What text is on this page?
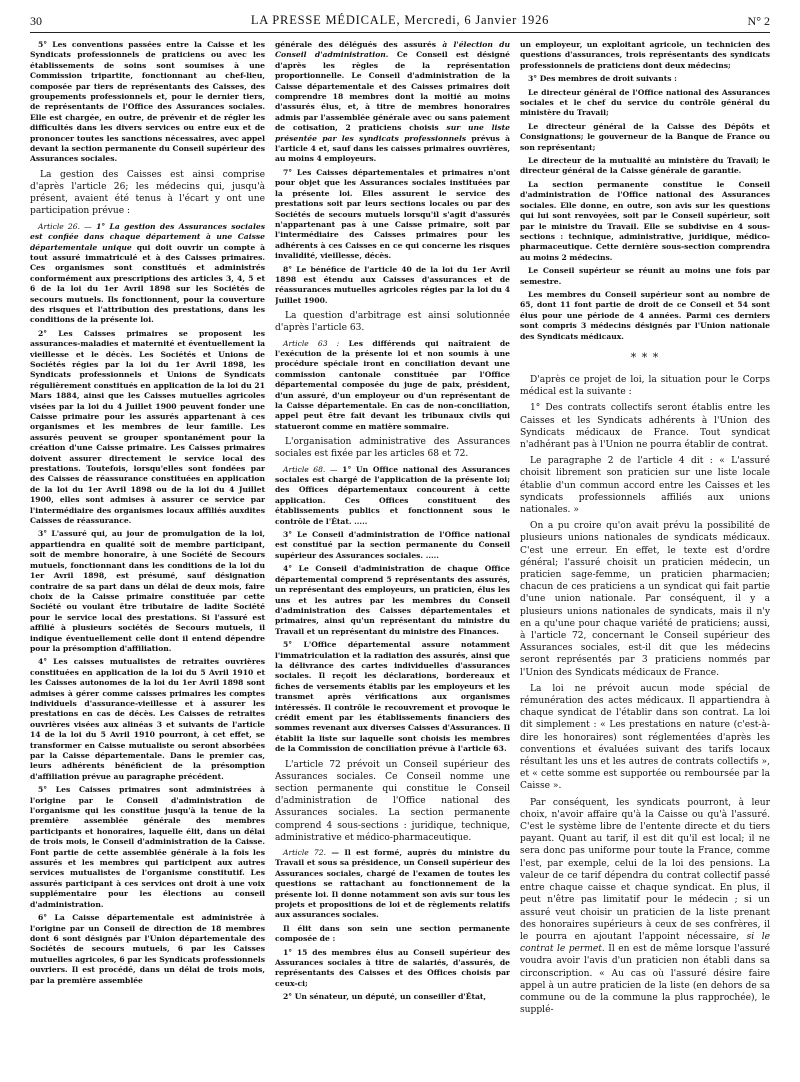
30	LA PRESSE MÉDICALE, Mercredi, 6 Janvier 1926	N° 2

5° Les conventions passées entre la Caisse et les Syndicats professionnels de praticiens ou avec les établissements de soins sont soumises à une Commission tripartite, fonctionnant au chef-lieu, composée par tiers de représentants des Caisses, des groupements professionnels et, pour le dernier tiers, de représentants de l'Office des Assurances sociales. Elle est chargée, en outre, de prévenir et de régler les difficultés dans les divers services ou entre eux et de prononcer toutes les sanctions nécessaires, avec appel devant la section permanente du Conseil supérieur des Assurances sociales.

La gestion des Caisses est ainsi comprise d'après l'article 26; les médecins qui, jusqu'à présent, avaient été tenus à l'écart y ont une participation prévue :

Article 26. — 1° La gestion des Assurances sociales est confiée dans chaque département à une Caisse départementale unique qui doit ouvrir un compte à tout assuré immatriculé et à des Caisses primaires. Ces organismes sont constitués et administrés conformément aux prescriptions des articles 3, 4, 5 et 6 de la loi du 1er Avril 1898 sur les Sociétés de secours mutuels. Ils fonctionnent, pour la couverture des risques et l'attribution des prestations, dans les conditions de la présente loi.

2° Les Caisses primaires se proposent les assurances-maladies et maternité et éventuellement la vieillesse et le décès. Les Sociétés et Unions de Sociétés régies par la loi du 1er Avril 1898, les Syndicats professionnels et Unions de Syndicats régulièrement constitués en application de la loi du 21 Mars 1884, ainsi que les Caisses mutuelles agricoles visées par la loi du 4 Juillet 1900 peuvent fonder une Caisse primaire pour les assurés appartenant à ces organismes et les membres de leur famille. Les assurés peuvent se grouper spontanément pour la création d'une Caisse primaire. Les Caisses primaires doivent assurer directement le service local des prestations. Toutefois, lorsqu'elles sont fondées par des Caisses de réassurance constituées en application de la loi du 1er Avril 1898 ou de la loi du 4 Juillet 1900, elles sont admises à assurer ce service par l'intermédiaire des organismes locaux affiliés auxdites Caisses de réassurance.

3° L'assuré qui, au jour de promulgation de la loi, appartiendra en qualité soit de membre participant, soit de membre honoraire, à une Société de Secours mutuels, fonctionnant dans les conditions de la loi du 1er Avril 1898, est présumé, sauf désignation contraire de sa part dans un délai de deux mois, faire choix de la Caisse primaire constituée par cette Société ou voulant être tributaire de ladite Société pour le service local des prestations. Si l'assuré est affilié à plusieurs sociétés de Secours mutuels, il indique éventuellement celle dont il entend dépendre pour la présomption d'affiliation.

4° Les caisses mutualistes de retraites ouvrières constituées en application de la loi du 5 Avril 1910 et les Caisses autonomes de la loi du 1er Avril 1898 sont admises à gérer comme caisses primaires les comptes individuels d'assurance-vieillesse et à assurer les prestations en cas de décès. Les Caisses de retraites ouvrières visées aux alinéas 3 et suivants de l'article 14 de la loi du 5 Avril 1910 pourront, à cet effet, se transformer en Caisse mutualiste ou seront absorbées par la Caisse départementale. Dans le premier cas, leurs adhérents bénéficient de la présomption d'affiliation prévue au paragraphe précédent.

5° Les Caisses primaires sont administrées à l'origine par le Conseil d'administration de l'organisme qui les constitue jusqu'à la tenue de la première assemblée générale des membres participants et honoraires, laquelle élit, dans un délai de trois mois, le Conseil d'administration de la Caisse. Font partie de cette assemblée générale à la fois les assurés et les membres qui participent aux autres services mutualistes de l'organisme constitutif. Les assurés participant à ces services ont droit à une voix supplémentaire pour les élections au conseil d'administration.

6° La Caisse départementale est administrée à l'origine par un Conseil de direction de 18 membres dont 6 sont désignés par l'Union départementale des Sociétés de secours mutuels, 6 par les Caisses mutuelles agricoles, 6 par les Syndicats professionnels ouvriers. Il est procédé, dans un délai de trois mois, par la première assemblée

générale des délégués des assurés à l'élection du Conseil d'administration. Ce Conseil est désigné d'après les règles de la représentation proportionnelle. Le Conseil d'administration de la Caisse départementale et des Caisses primaires doit comprendre 18 membres dont la moitié au moins d'assurés élus, et, à titre de membres honoraires admis par l'assemblée générale avec ou sans paiement de cotisation, 2 praticiens choisis sur une liste présentée par les syndicats professionnels prévus à l'article 4 et, sauf dans les caisses primaires ouvrières, au moins 4 employeurs.

7° Les Caisses départementales et primaires n'ont pour objet que les Assurances sociales instituées par la présente loi. Elles assurent le service des prestations soit par leurs sections locales ou par des Sociétés de secours mutuels lorsqu'il s'agit d'assurés n'appartenant pas à une Caisse primaire, soit par l'intermédiaire des Caisses primaires pour les adhérents à ces Caisses en ce qui concerne les risques invalidité, vieillesse, décès.

8° Le bénéfice de l'article 40 de la loi du 1er Avril 1898 est étendu aux Caisses d'assurances et de réassurances mutuelles agricoles régies par la loi du 4 Juillet 1900.

La question d'arbitrage est ainsi solutionnée d'après l'article 63.

Article 63 : Les différends qui naîtraient de l'exécution de la présente loi et non soumis à une procédure spéciale iront en conciliation devant une commission cantonale constituée par l'Office départemental composée du juge de paix, président, d'un assuré, d'un employeur ou d'un représentant de la Caisse départementale. En cas de non-conciliation, appel peut être fait devant les tribunaux civils qui statueront comme en matière sommaire.

L'organisation administrative des Assurances sociales est fixée par les articles 68 et 72.

Article 68. — 1° Un Office national des Assurances sociales est chargé de l'application de la présente loi; des Offices départementaux concourent à cette application. Ces Offices constituent des établissements publics et fonctionnent sous le contrôle de l'État. .....

3° Le Conseil d'administration de l'Office national est constitué par la section permanente du Conseil supérieur des Assurances sociales. .....

4° Le Conseil d'administration de chaque Office départemental comprend 5 représentants des assurés, un représentant des employeurs, un praticien, élus les uns et les autres par les membres du Conseil d'administration des Caisses départementales et primaires, ainsi qu'un représentant du ministre du Travail et un représentant du ministre des Finances.

5° L'Office départemental assure notamment l'immatriculation et la radiation des assurés, ainsi que la délivrance des cartes individuelles d'assurances sociales. Il reçoit les déclarations, bordereaux et fiches de versements établis par les employeurs et les transmet après vérifications aux organismes intéressés. Il contrôle le recouvrement et provoque le crédit ement par les établissements financiers des sommes revenant aux diverses Caisses d'Assurances. Il établit la liste sur laquelle sont choisis les membres de la Commission de conciliation prévue à l'article 63.

L'article 72 prévoit un Conseil supérieur des Assurances sociales. Ce Conseil nomme une section permanente qui constitue le Conseil d'administration de l'Office national des Assurances sociales. La section permanente comprend 4 sous-sections : juridique, technique, administrative et médico-pharmaceutique.

Article 72. — Il est formé, auprès du ministre du Travail et sous sa présidence, un Conseil supérieur des Assurances sociales, chargé de l'examen de toutes les questions se rattachant au fonctionnement de la présente loi. Il donne notamment son avis sur tous les projets et propositions de loi et de règlements relatifs aux assurances sociales.

Il élit dans son sein une section permanente composée de :

1° 15 des membres élus au Conseil supérieur des Assurances sociales à titre de salariés, d'assurés, de représentants des Caisses et des Offices choisis par ceux-ci;

2° Un sénateur, un député, un conseiller d'État,

un employeur, un exploitant agricole, un technicien des questions d'assurances, trois représentants des syndicats professionnels de praticiens dont deux médecins;

3° Des membres de droit suivants :

Le directeur général de l'Office national des Assurances sociales et le chef du service du contrôle général du ministère du Travail;

Le directeur général de la Caisse des Dépôts et Consignations; le gouverneur de la Banque de France ou son représentant;

Le directeur de la mutualité au ministère du Travail; le directeur général de la Caisse générale de garantie.

La section permanente constitue le Conseil d'administration de l'Office national des Assurances sociales. Elle donne, en outre, son avis sur les questions qui lui sont renvoyées, soit par le Conseil supérieur, soit par le ministre du Travail. Elle se subdivise en 4 sous-sections : technique, administrative, juridique, médico-pharmaceutique. Cette dernière sous-section comprendra au moins 2 médecins.

Le Conseil supérieur se réunit au moins une fois par semestre.

Les membres du Conseil supérieur sont au nombre de 65, dont 11 font partie de droit de ce Conseil et 54 sont élus pour une période de 4 années. Parmi ces derniers sont compris 3 médecins désignés par l'Union nationale des Syndicats médicaux.

* * *

D'après ce projet de loi, la situation pour le Corps médical est la suivante :

1° Des contrats collectifs seront établis entre les Caisses et les Syndicats adhérents à l'Union des Syndicats médicaux de France. Tout syndicat n'adhérant pas à l'Union ne pourra établir de contrat.

Le paragraphe 2 de l'article 4 dit : « L'assuré choisit librement son praticien sur une liste locale établie d'un commun accord entre les Caisses et les syndicats professionnels affiliés aux unions nationales. »

On a pu croire qu'on avait prévu la possibilité de plusieurs unions nationales de syndicats médicaux. C'est une erreur. En effet, le texte est d'ordre général; l'assuré choisit un praticien médecin, un praticien sage-femme, un praticien pharmacien; chacun de ces praticiens a un syndicat qui fait partie d'une union nationale. Par conséquent, il y a plusieurs unions nationales de syndicats, mais il n'y en a qu'une pour chaque variété de praticiens; aussi, à l'article 72, concernant le Conseil supérieur des Assurances sociales, est-il dit que les médecins seront représentés par 3 praticiens nommés par l'Union des Syndicats médicaux de France.

La loi ne prévoit aucun mode spécial de rémunération des actes médicaux. Il appartiendra à chaque syndicat de l'établir dans son contrat. La loi dit simplement : « Les prestations en nature (c'est-à-dire les honoraires) sont réglementées d'après les conventions et évaluées suivant des tarifs locaux résultant les uns et les autres de contrats collectifs », et « cette somme est supportée ou remboursée par la Caisse ».

Par conséquent, les syndicats pourront, à leur choix, n'avoir affaire qu'à la Caisse ou qu'à l'assuré. C'est le système libre de l'entente directe et du tiers payant. Quant au tarif, il est dit qu'il est local; il ne sera donc pas uniforme pour toute la France, comme l'est, par exemple, celui de la loi des pensions. La valeur de ce tarif dépendra du contrat collectif passé entre chaque caisse et chaque syndicat. En plus, il peut n'être pas limitatif pour le médecin ; si un assuré veut choisir un praticien de la liste prenant des honoraires supérieurs à ceux de ses confrères, il le pourra en ajoutant l'appoint nécessaire, si le contrat le permet. Il en est de même lorsque l'assuré voudra avoir l'avis d'un praticien non établi dans sa circonscription. « Au cas où l'assuré désire faire appel à un autre praticien de la liste (en dehors de sa commune ou de la commune la plus rapprochée), le supplé-
